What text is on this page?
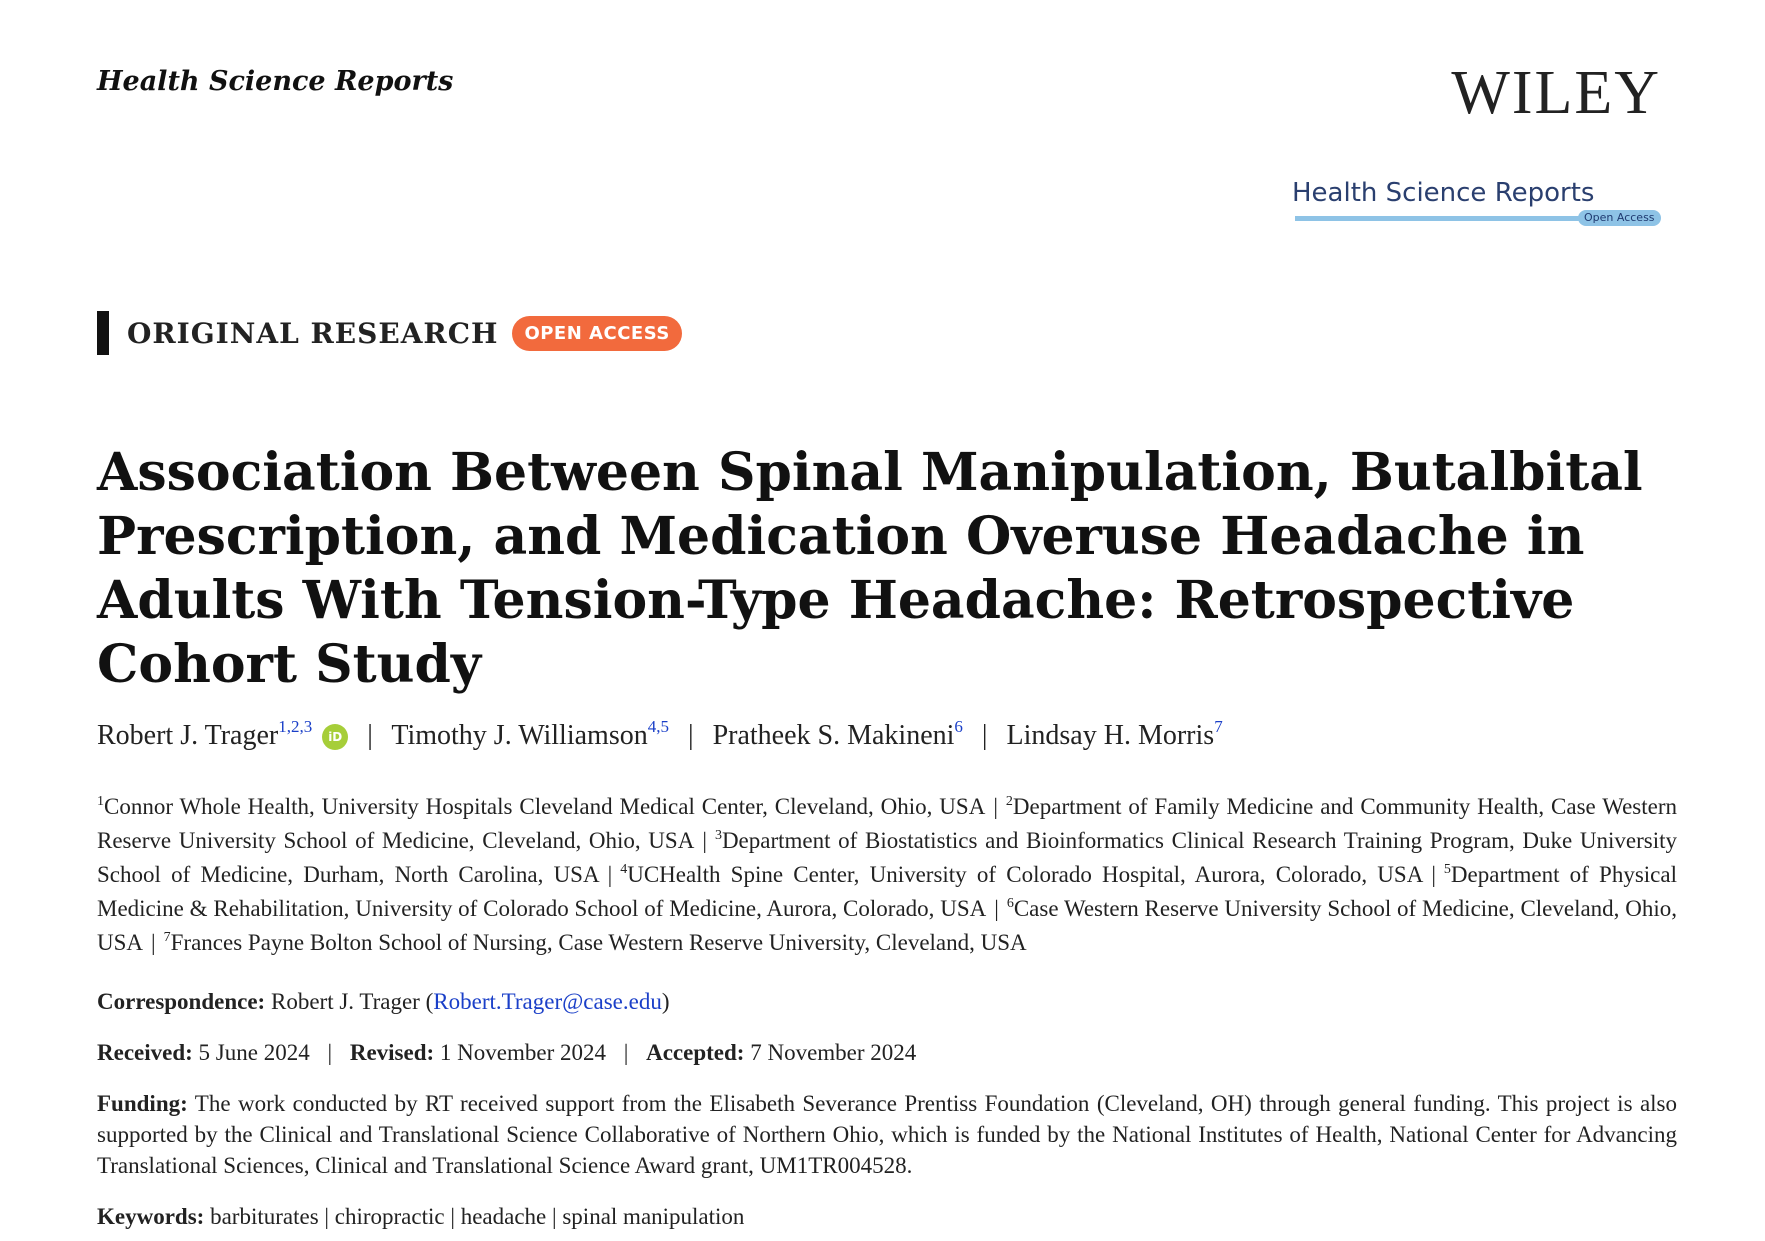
Health Science Reports	WILEY
Health Science Reports
Open Access
ORIGINAL RESEARCH	OPEN ACCESS
Association Between Spinal Manipulation, Butalbital Prescription, and Medication Overuse Headache in Adults With Tension-Type Headache: Retrospective Cohort Study
Robert J. Trager$^{1,2,3}$iD | Timothy J. Williamson$^{4,5}$ | Pratheek S. Makineni$^6$ | Lindsay H. Morris$^7$
$^1$Connor Whole Health, University Hospitals Cleveland Medical Center, Cleveland, Ohio, USA | $^2$Department of Family Medicine and Community Health, Case Western Reserve University School of Medicine, Cleveland, Ohio, USA | $^3$Department of Biostatistics and Bioinformatics Clinical Research Training Program, Duke University School of Medicine, Durham, North Carolina, USA | $^4$UCHealth Spine Center, University of Colorado Hospital, Aurora, Colorado, USA | $^5$Department of Physical Medicine & Rehabilitation, University of Colorado School of Medicine, Aurora, Colorado, USA | $^6$Case Western Reserve University School of Medicine, Cleveland, Ohio, USA | $^7$Frances Payne Bolton School of Nursing, Case Western Reserve University, Cleveland, USA
Correspondence: Robert J. Trager (Robert.Trager@case.edu)
Received: 5 June 2024 | Revised: 1 November 2024 | Accepted: 7 November 2024
Funding: The work conducted by RT received support from the Elisabeth Severance Prentiss Foundation (Cleveland, OH) through general funding. This project is also supported by the Clinical and Translational Science Collaborative of Northern Ohio, which is funded by the National Institutes of Health, National Center for Advancing Translational Sciences, Clinical and Translational Science Award grant, UM1TR004528.
Keywords: barbiturates | chiropractic | headache | spinal manipulation
